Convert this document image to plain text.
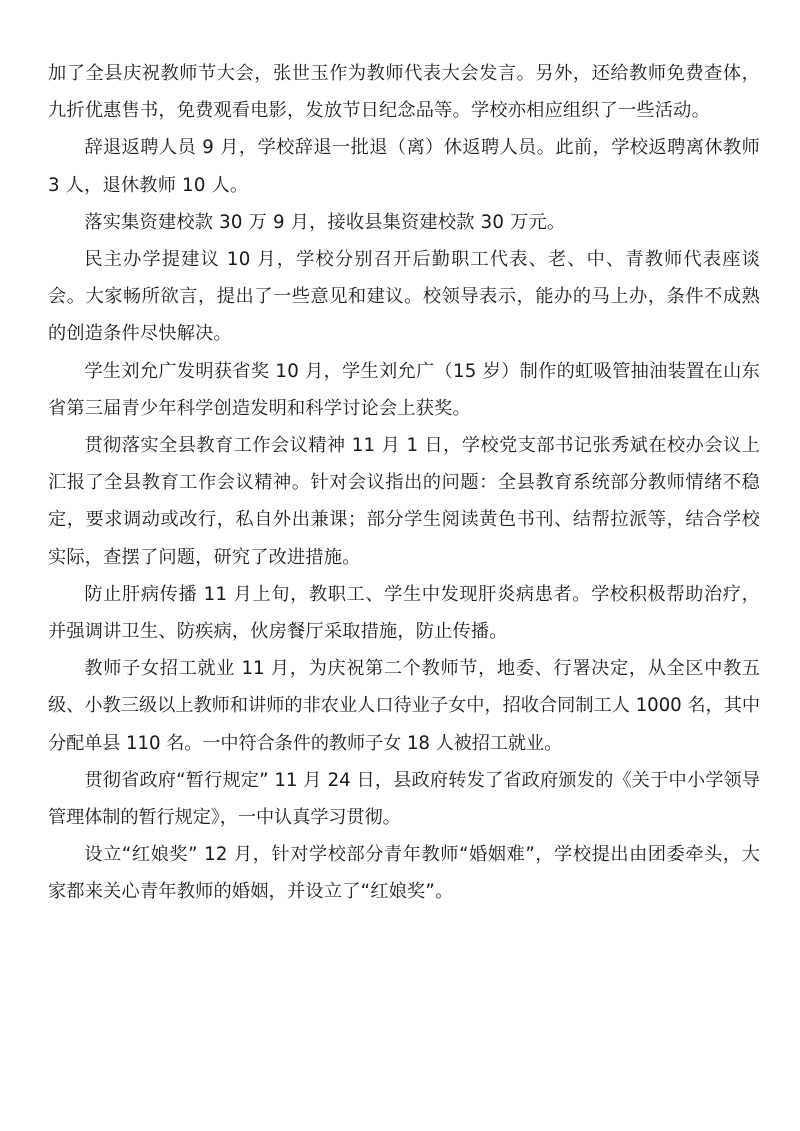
加了全县庆祝教师节大会，张世玉作为教师代表大会发言。另外，还给教师免费查体，九折优惠售书，免费观看电影，发放节日纪念品等。学校亦相应组织了一些活动。

辞退返聘人员 9 月，学校辞退一批退（离）休返聘人员。此前，学校返聘离休教师 3 人，退休教师 10 人。

落实集资建校款 30 万 9 月，接收县集资建校款 30 万元。

民主办学提建议 10 月，学校分别召开后勤职工代表、老、中、青教师代表座谈会。大家畅所欲言，提出了一些意见和建议。校领导表示，能办的马上办，条件不成熟的创造条件尽快解决。

学生刘允广发明获省奖 10 月，学生刘允广（15 岁）制作的虹吸管抽油装置在山东省第三届青少年科学创造发明和科学讨论会上获奖。

贯彻落实全县教育工作会议精神 11 月 1 日，学校党支部书记张秀斌在校办会议上汇报了全县教育工作会议精神。针对会议指出的问题：全县教育系统部分教师情绪不稳定，要求调动或改行，私自外出兼课；部分学生阅读黄色书刊、结帮拉派等，结合学校实际，查摆了问题，研究了改进措施。

防止肝病传播 11 月上旬，教职工、学生中发现肝炎病患者。学校积极帮助治疗，并强调讲卫生、防疾病，伙房餐厅采取措施，防止传播。

教师子女招工就业 11 月，为庆祝第二个教师节，地委、行署决定，从全区中教五级、小教三级以上教师和讲师的非农业人口待业子女中，招收合同制工人 1000 名，其中分配单县 110 名。一中符合条件的教师子女 18 人被招工就业。

贯彻省政府“暂行规定” 11 月 24 日，县政府转发了省政府颁发的《关于中小学领导管理体制的暂行规定》，一中认真学习贯彻。

设立“红娘奖” 12 月，针对学校部分青年教师“婚姻难”，学校提出由团委牵头，大家都来关心青年教师的婚姻，并设立了“红娘奖”。
